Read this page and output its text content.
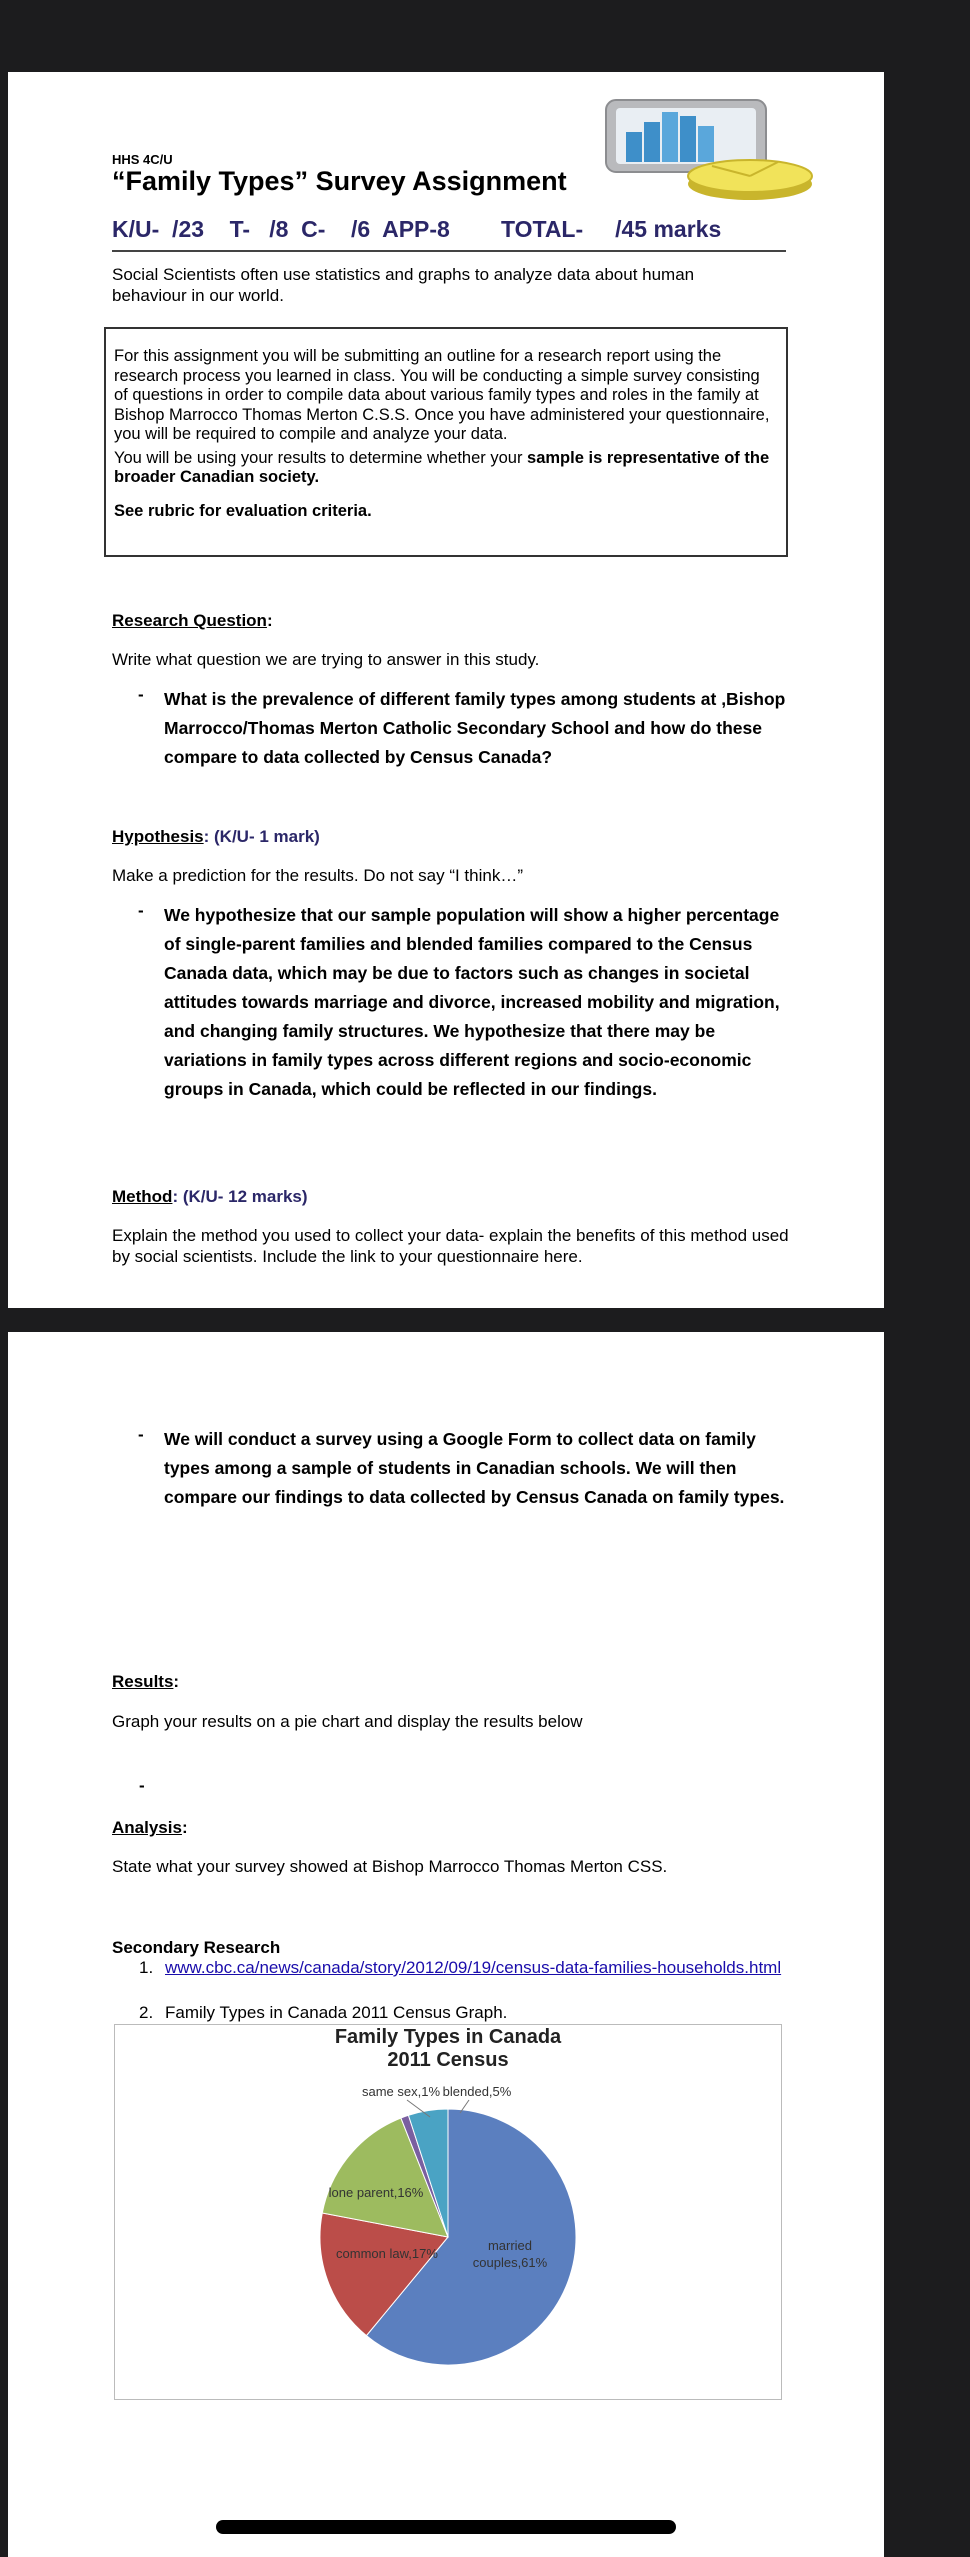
HHS 4C/U
“Family Types” Survey Assignment
K/U-  /23    T-   /8  C-    /6  APP-8        TOTAL-     /45 marks
Social Scientists often use statistics and graphs to analyze data about human behaviour in our world.

For this assignment you will be submitting an outline for a research report using the research process you learned in class. You will be conducting a simple survey consisting of questions in order to compile data about various family types and roles in the family at Bishop Marrocco Thomas Merton C.S.S. Once you have administered your questionnaire, you will be required to compile and analyze your data.

You will be using your results to determine whether your sample is representative of the broader Canadian society.

See rubric for evaluation criteria.

Research Question:
Write what question we are trying to answer in this study.
- What is the prevalence of different family types among students at ,Bishop Marrocco/Thomas Merton Catholic Secondary School and how do these compare to data collected by Census Canada?
Hypothesis: (K/U- 1 mark)
Make a prediction for the results. Do not say “I think…”
- We hypothesize that our sample population will show a higher percentage of single-parent families and blended families compared to the Census Canada data, which may be due to factors such as changes in societal attitudes towards marriage and divorce, increased mobility and migration, and changing family structures. We hypothesize that there may be variations in family types across different regions and socio-economic groups in Canada, which could be reflected in our findings.
Method: (K/U- 12 marks)
Explain the method you used to collect your data- explain the benefits of this method used by social scientists. Include the link to your questionnaire here.
- We will conduct a survey using a Google Form to collect data on family types among a sample of students in Canadian schools. We will then compare our findings to data collected by Census Canada on family types.
Results:
Graph your results on a pie chart and display the results below
-
Analysis:
State what your survey showed at Bishop Marrocco Thomas Merton CSS.
Secondary Research
1. www.cbc.ca/news/canada/story/2012/09/19/census-data-families-households.html
2. Family Types in Canada 2011 Census Graph.
Family Types in Canada
2011 Census
married couples,61%
common law,17%
lone parent,16%
same sex,1% blended,5%
